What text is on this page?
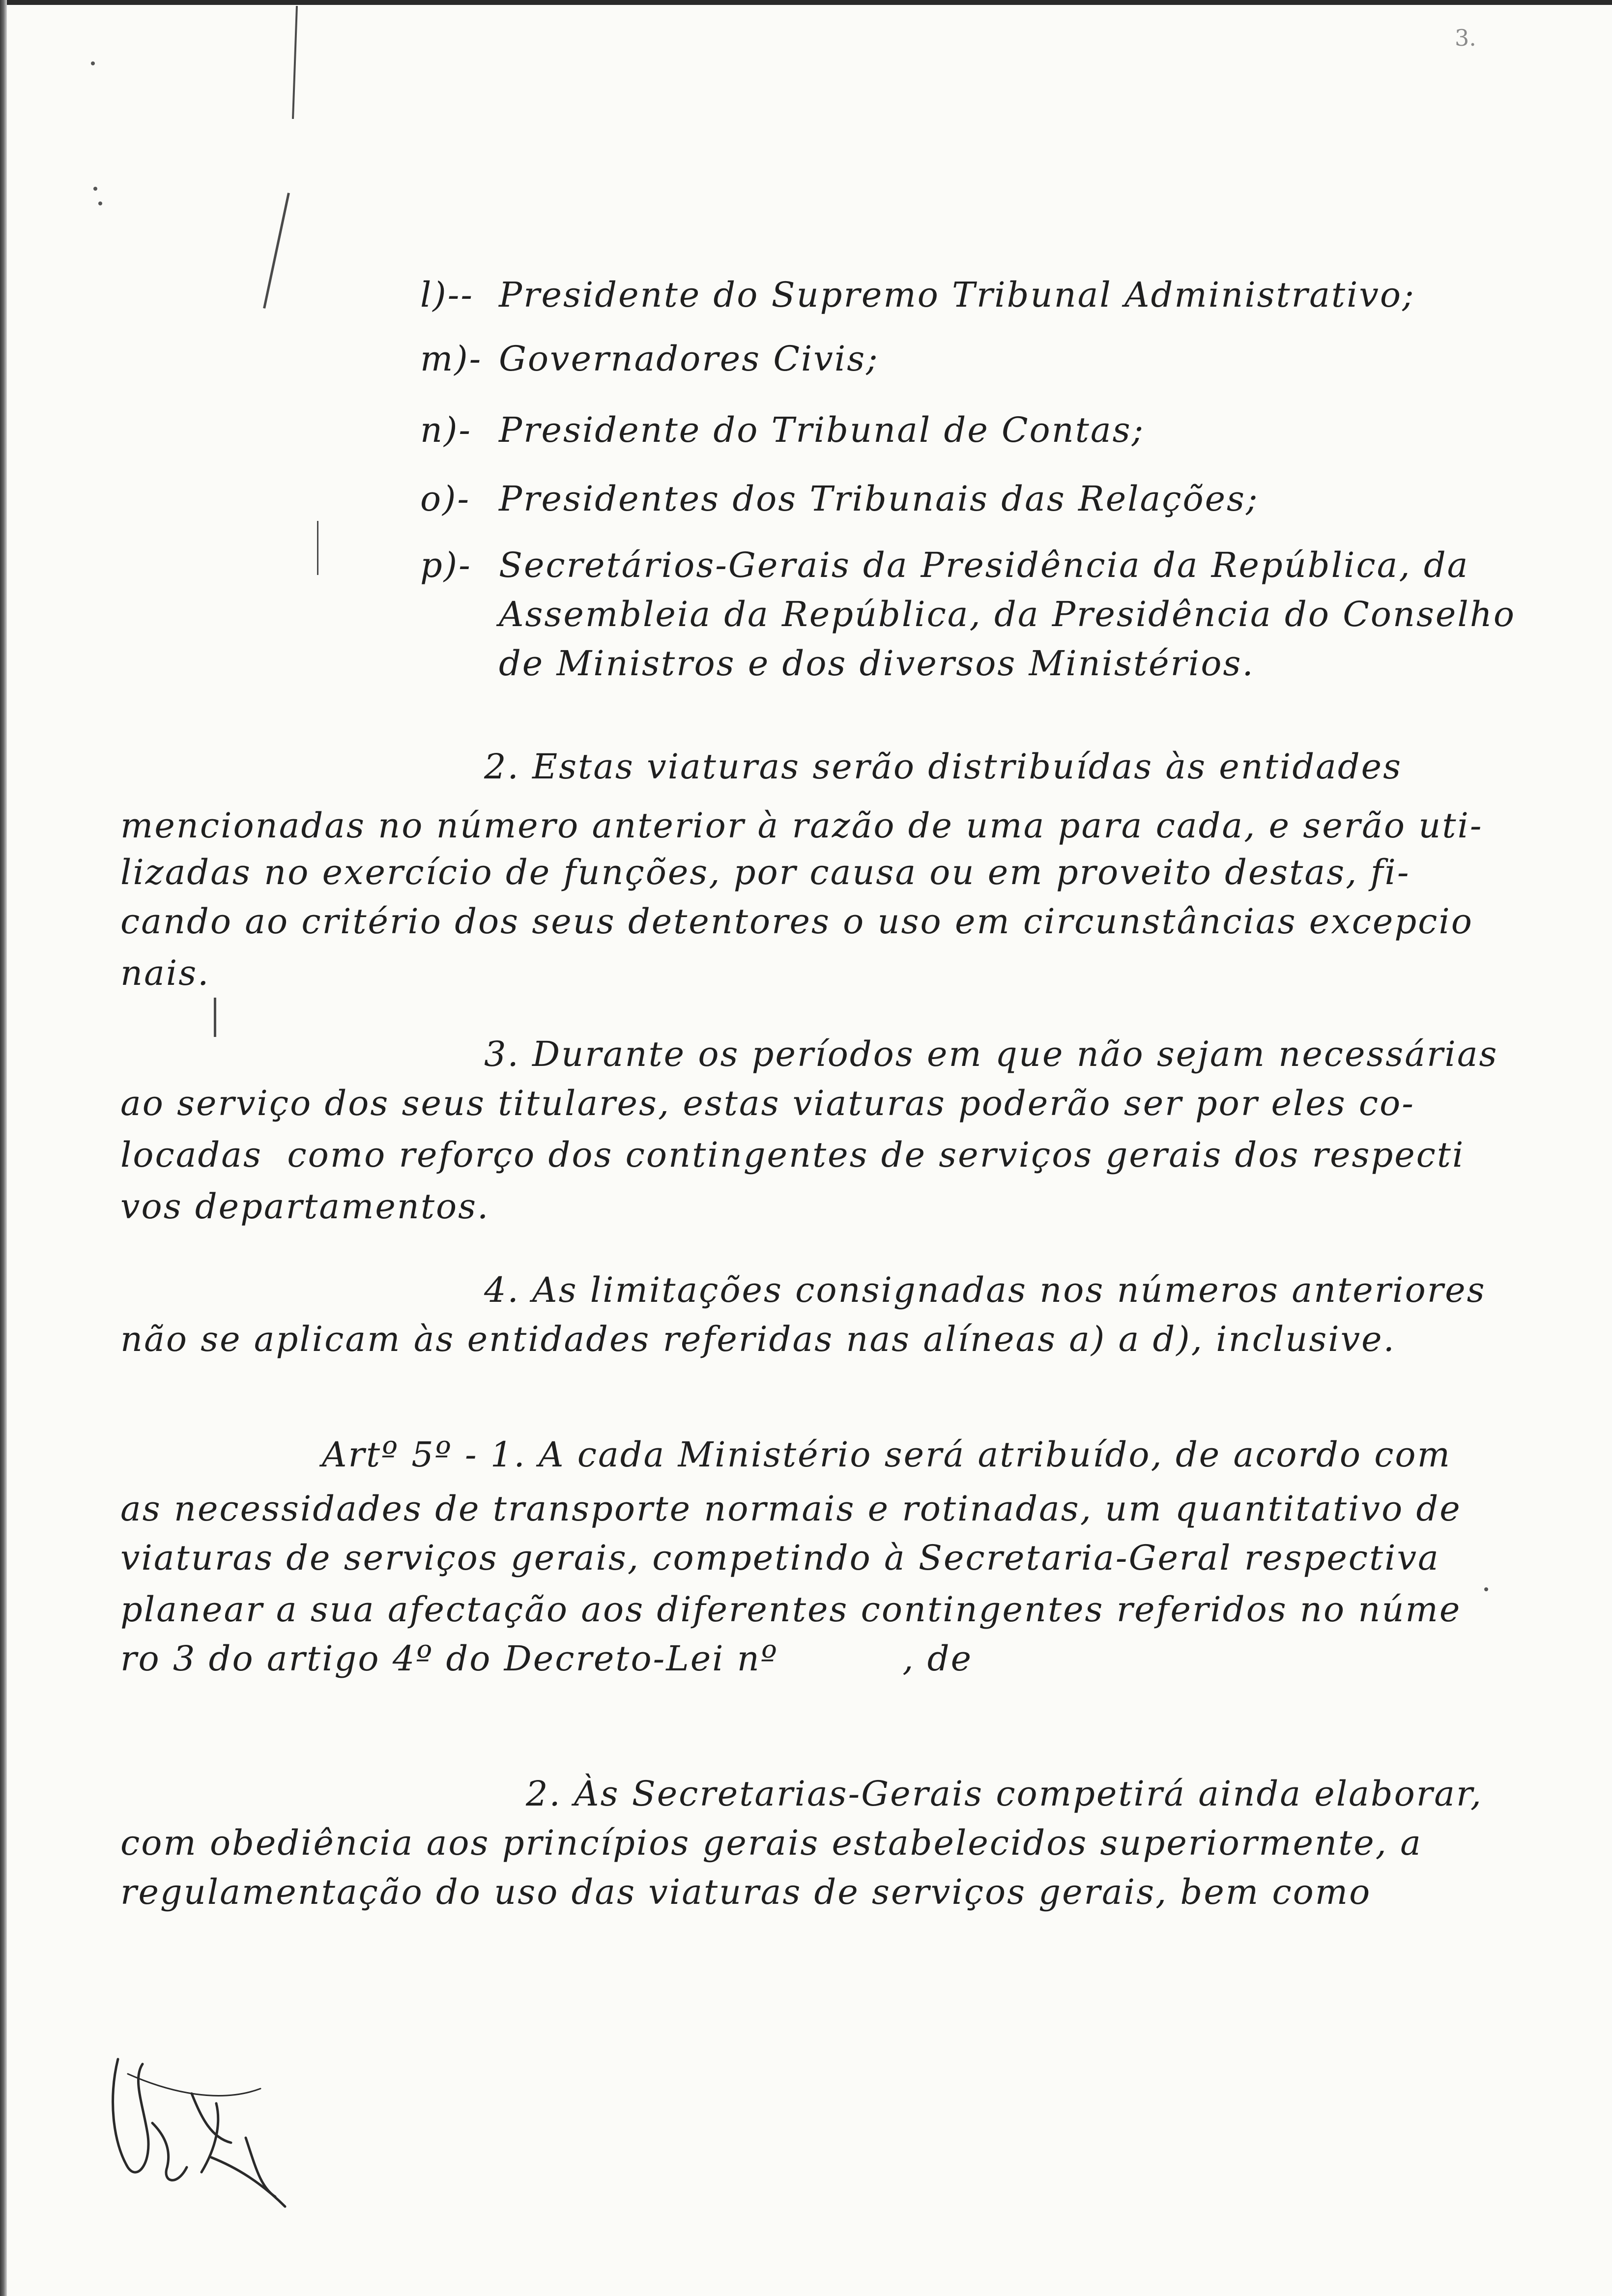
3.
l)-- Presidente do Supremo Tribunal Administrativo;
m)- Governadores Civis;
n)- Presidente do Tribunal de Contas;
o)- Presidentes dos Tribunais das Relações;
p)- Secretários-Gerais da Presidência da República, da
Assembleia da República, da Presidência do Conselho
de Ministros e dos diversos Ministérios.
2. Estas viaturas serão distribuídas às entidades
mencionadas no número anterior à razão de uma para cada, e serão uti-
lizadas no exercício de funções, por causa ou em proveito destas, fi-
cando ao critério dos seus detentores o uso em circunstâncias excepcio
nais.
3. Durante os períodos em que não sejam necessárias
ao serviço dos seus titulares, estas viaturas poderão ser por eles co-
locadas  como reforço dos contingentes de serviços gerais dos respecti
vos departamentos.
4. As limitações consignadas nos números anteriores
não se aplicam às entidades referidas nas alíneas a) a d), inclusive.
Artº 5º - 1. A cada Ministério será atribuído, de acordo com
as necessidades de transporte normais e rotinadas, um quantitativo de
viaturas de serviços gerais, competindo à Secretaria-Geral respectiva
planear a sua afectação aos diferentes contingentes referidos no núme
ro 3 do artigo 4º do Decreto-Lei nº          , de
2. Às Secretarias-Gerais competirá ainda elaborar,
com obediência aos princípios gerais estabelecidos superiormente, a
regulamentação do uso das viaturas de serviços gerais, bem como
